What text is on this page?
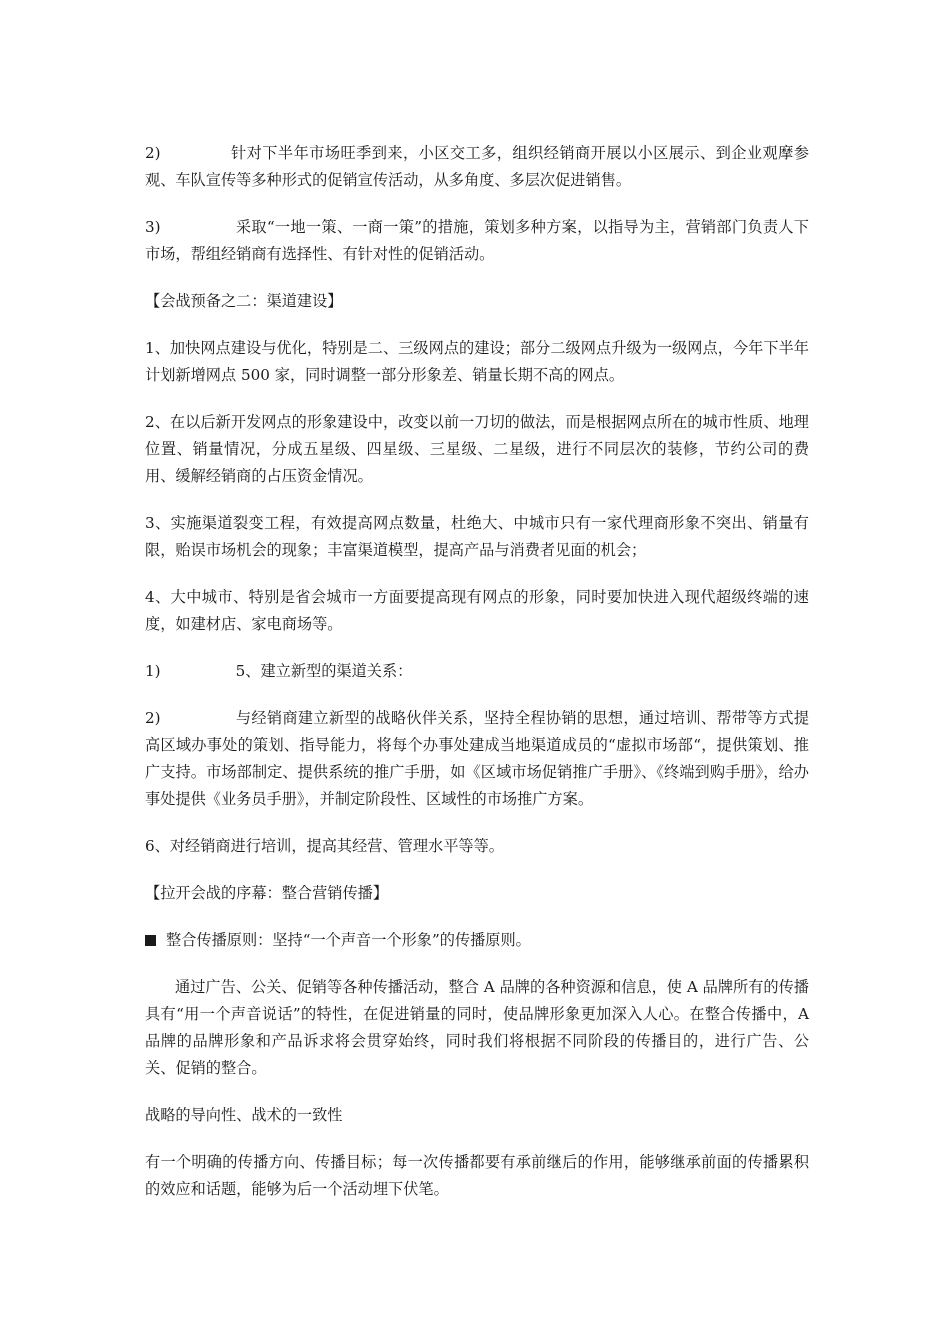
2)	针对下半年市场旺季到来，小区交工多，组织经销商开展以小区展示、到企业观摩参观、车队宣传等多种形式的促销宣传活动，从多角度、多层次促进销售。

3)	采取“一地一策、一商一策”的措施，策划多种方案，以指导为主，营销部门负责人下市场，帮组经销商有选择性、有针对性的促销活动。

【会战预备之二：渠道建设】

1、加快网点建设与优化，特别是二、三级网点的建设；部分二级网点升级为一级网点，今年下半年计划新增网点 500 家，同时调整一部分形象差、销量长期不高的网点。

2、在以后新开发网点的形象建设中，改变以前一刀切的做法，而是根据网点所在的城市性质、地理位置、销量情况，分成五星级、四星级、三星级、二星级，进行不同层次的装修，节约公司的费用、缓解经销商的占压资金情况。

3、实施渠道裂变工程，有效提高网点数量，杜绝大、中城市只有一家代理商形象不突出、销量有限，贻误市场机会的现象；丰富渠道模型，提高产品与消费者见面的机会；

4、大中城市、特别是省会城市一方面要提高现有网点的形象，同时要加快进入现代超级终端的速度，如建材店、家电商场等。

1)	5、建立新型的渠道关系：

2)	与经销商建立新型的战略伙伴关系，坚持全程协销的思想，通过培训、帮带等方式提高区域办事处的策划、指导能力，将每个办事处建成当地渠道成员的“虚拟市场部“，提供策划、推广支持。市场部制定、提供系统的推广手册，如《区域市场促销推广手册》、《终端到购手册》，给办事处提供《业务员手册》，并制定阶段性、区域性的市场推广方案。

6、对经销商进行培训，提高其经营、管理水平等等。

【拉开会战的序幕：整合营销传播】

整合传播原则：坚持“一个声音一个形象”的传播原则。

通过广告、公关、促销等各种传播活动，整合 A 品牌的各种资源和信息，使 A 品牌所有的传播具有“用一个声音说话”的特性，在促进销量的同时，使品牌形象更加深入人心。在整合传播中，A 品牌的品牌形象和产品诉求将会贯穿始终，同时我们将根据不同阶段的传播目的，进行广告、公关、促销的整合。

战略的导向性、战术的一致性

有一个明确的传播方向、传播目标；每一次传播都要有承前继后的作用，能够继承前面的传播累积的效应和话题，能够为后一个活动埋下伏笔。
